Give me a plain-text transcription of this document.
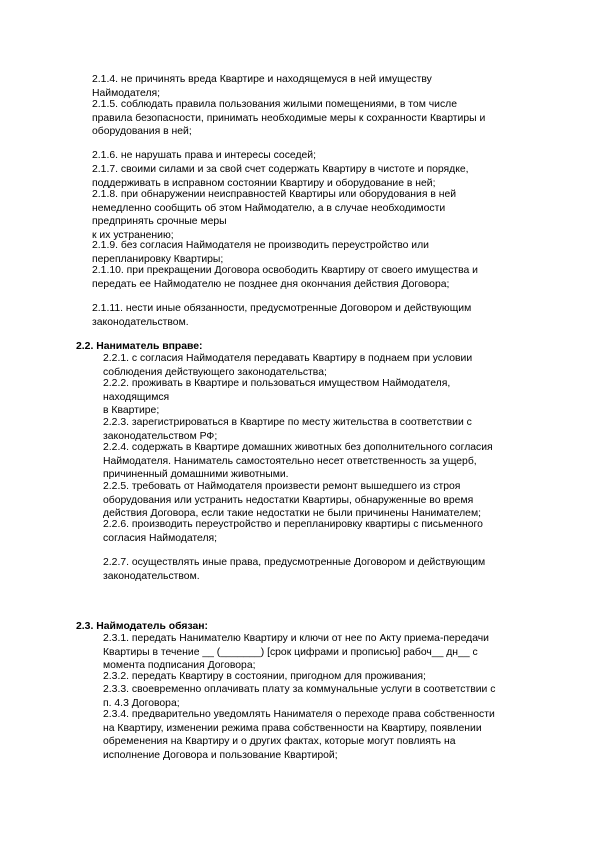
2.1.4. не причинять вреда Квартире и находящемуся в ней имуществу
Наймодателя;
2.1.5. соблюдать правила пользования жилыми помещениями, в том числе
правила безопасности, принимать необходимые меры к сохранности Квартиры и
оборудования в ней;
2.1.6. не нарушать права и интересы соседей;
2.1.7. своими силами и за свой счет содержать Квартиру в чистоте и порядке,
поддерживать в исправном состоянии Квартиру и оборудование в ней;
2.1.8. при обнаружении неисправностей Квартиры или оборудования в ней
немедленно сообщить об этом Наймодателю, а в случае необходимости
предпринять срочные меры
к их устранению;
2.1.9. без согласия Наймодателя не производить переустройство или
перепланировку Квартиры;
2.1.10. при прекращении Договора освободить Квартиру от своего имущества и
передать ее Наймодателю не позднее дня окончания действия Договора;
2.1.11. нести иные обязанности, предусмотренные Договором и действующим
законодательством.
2.2. Наниматель вправе:
2.2.1. с согласия Наймодателя передавать Квартиру в поднаем при условии
соблюдения действующего законодательства;
2.2.2. проживать в Квартире и пользоваться имуществом Наймодателя,
находящимся
в Квартире;
2.2.3. зарегистрироваться в Квартире по месту жительства в соответствии с
законодательством РФ;
2.2.4. содержать в Квартире домашних животных без дополнительного согласия
Наймодателя. Наниматель самостоятельно несет ответственность за ущерб,
причиненный домашними животными.
2.2.5. требовать от Наймодателя произвести ремонт вышедшего из строя
оборудования или устранить недостатки Квартиры, обнаруженные во время
действия Договора, если такие недостатки не были причинены Нанимателем;
2.2.6. производить переустройство и перепланировку квартиры с письменного
согласия Наймодателя;
2.2.7. осуществлять иные права, предусмотренные Договором и действующим
законодательством.
2.3. Наймодатель обязан:
2.3.1. передать Нанимателю Квартиру и ключи от нее по Акту приема-передачи
Квартиры в течение __ (_______) [срок цифрами и прописью] рабоч__ дн__ с
момента подписания Договора;
2.3.2. передать Квартиру в состоянии, пригодном для проживания;
2.3.3. своевременно оплачивать плату за коммунальные услуги в соответствии с
п. 4.3 Договора;
2.3.4. предварительно уведомлять Нанимателя о переходе права собственности
на Квартиру, изменении режима права собственности на Квартиру, появлении
обременения на Квартиру и о других фактах, которые могут повлиять на
исполнение Договора и пользование Квартирой;
